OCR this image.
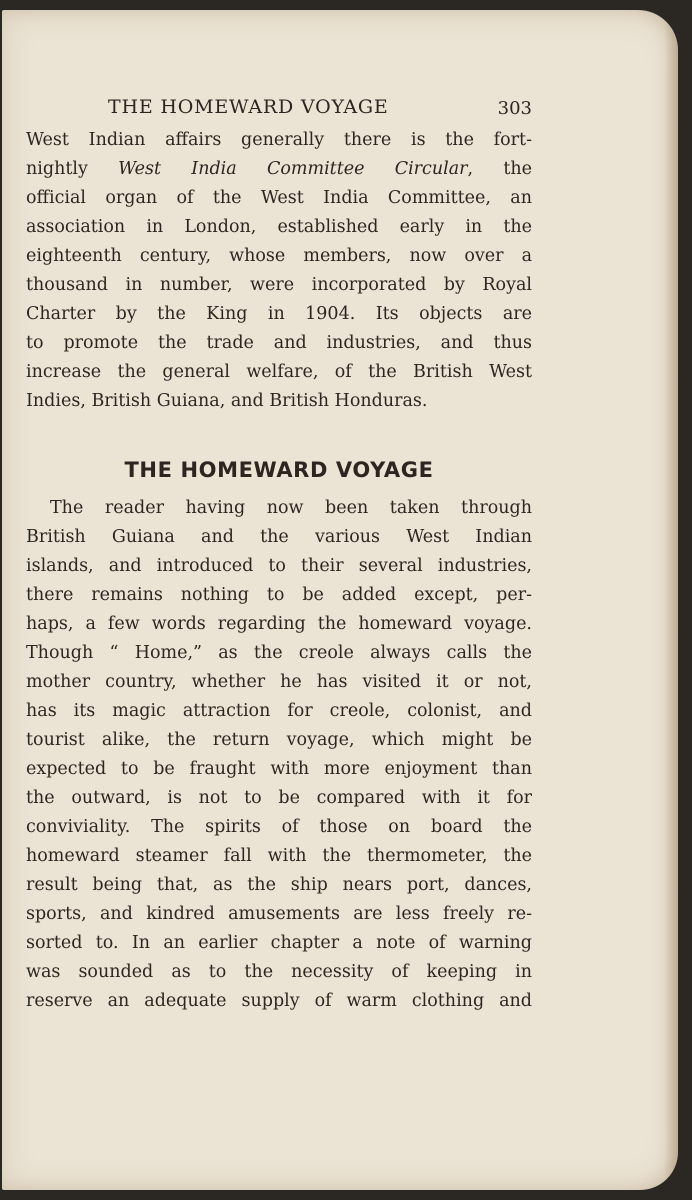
THE HOMEWARD VOYAGE	303
West Indian affairs generally there is the fort-
nightly West India Committee Circular, the
official organ of the West India Committee, an
association in London, established early in the
eighteenth century, whose members, now over a
thousand in number, were incorporated by Royal
Charter by the King in 1904. Its objects are
to promote the trade and industries, and thus
increase the general welfare, of the British West
Indies, British Guiana, and British Honduras.
THE HOMEWARD VOYAGE
The reader having now been taken through
British Guiana and the various West Indian
islands, and introduced to their several industries,
there remains nothing to be added except, per-
haps, a few words regarding the homeward voyage.
Though “ Home,” as the creole always calls the
mother country, whether he has visited it or not,
has its magic attraction for creole, colonist, and
tourist alike, the return voyage, which might be
expected to be fraught with more enjoyment than
the outward, is not to be compared with it for
conviviality. The spirits of those on board the
homeward steamer fall with the thermometer, the
result being that, as the ship nears port, dances,
sports, and kindred amusements are less freely re-
sorted to. In an earlier chapter a note of warning
was sounded as to the necessity of keeping in
reserve an adequate supply of warm clothing and
